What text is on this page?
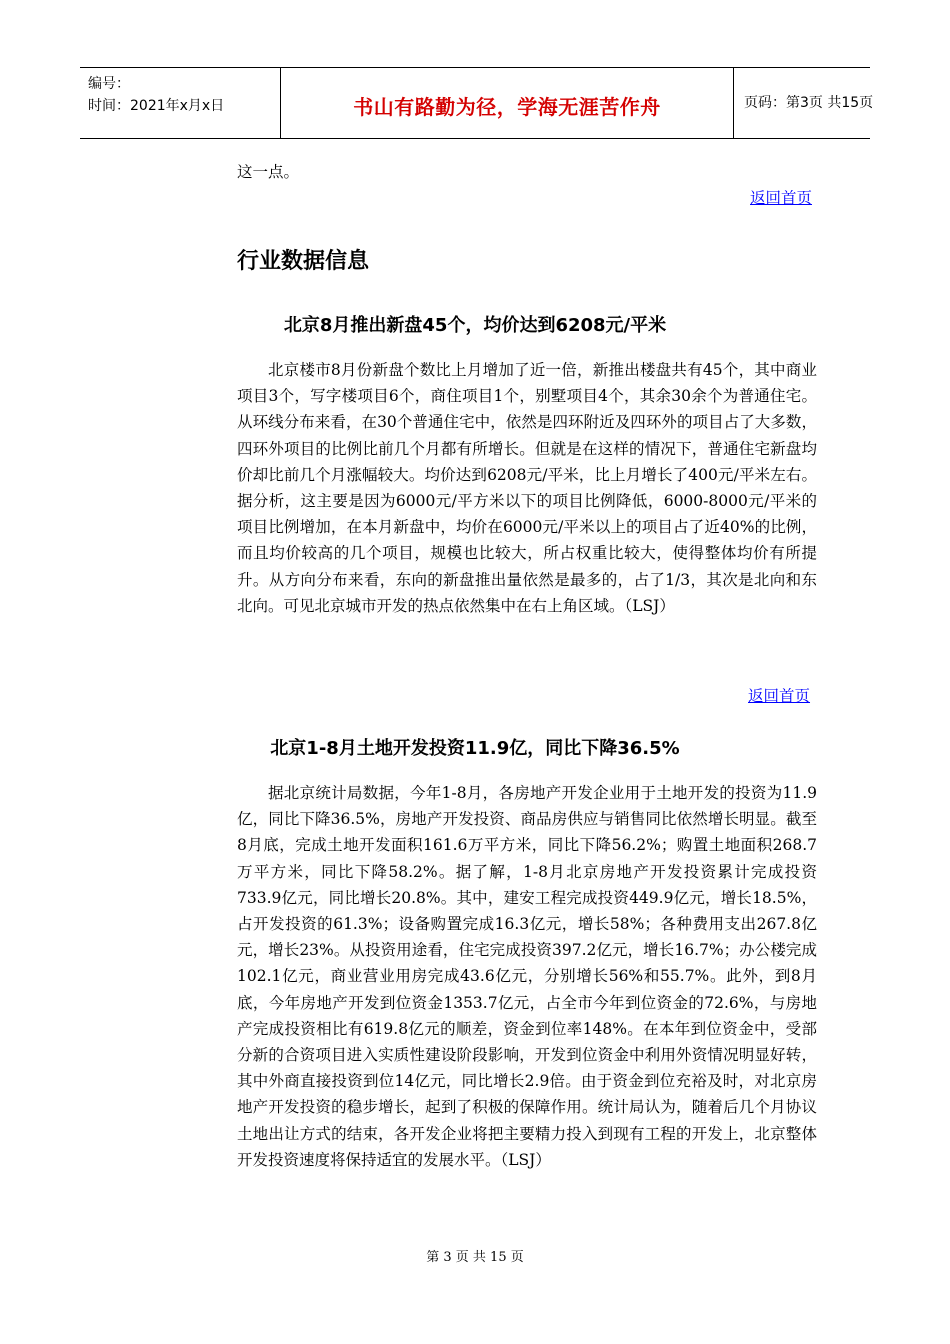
编号：
时间：2021年x月x日	书山有路勤为径，学海无涯苦作舟	页码：第3页 共15页
这一点。
返回首页
行业数据信息
北京8月推出新盘45个，均价达到6208元/平米
北京楼市8月份新盘个数比上月增加了近一倍，新推出楼盘共有45个，其中商业项目3个，写字楼项目6个，商住项目1个，别墅项目4个，其余30余个为普通住宅。从环线分布来看，在30个普通住宅中，依然是四环附近及四环外的项目占了大多数，四环外项目的比例比前几个月都有所增长。但就是在这样的情况下，普通住宅新盘均价却比前几个月涨幅较大。均价达到6208元/平米，比上月增长了400元/平米左右。据分析，这主要是因为6000元/平方米以下的项目比例降低，6000-8000元/平米的项目比例增加，在本月新盘中，均价在6000元/平米以上的项目占了近40%的比例，而且均价较高的几个项目，规模也比较大，所占权重比较大，使得整体均价有所提升。从方向分布来看，东向的新盘推出量依然是最多的，占了1/3，其次是北向和东北向。可见北京城市开发的热点依然集中在右上角区域。（LSJ）
返回首页
北京1-8月土地开发投资11.9亿，同比下降36.5%
据北京统计局数据，今年1-8月，各房地产开发企业用于土地开发的投资为11.9亿，同比下降36.5%，房地产开发投资、商品房供应与销售同比依然增长明显。截至8月底，完成土地开发面积161.6万平方米，同比下降56.2%；购置土地面积268.7万平方米，同比下降58.2%。据了解，1-8月北京房地产开发投资累计完成投资733.9亿元，同比增长20.8%。其中，建安工程完成投资449.9亿元，增长18.5%，占开发投资的61.3%；设备购置完成16.3亿元，增长58%；各种费用支出267.8亿元，增长23%。从投资用途看，住宅完成投资397.2亿元，增长16.7%；办公楼完成102.1亿元，商业营业用房完成43.6亿元，分别增长56%和55.7%。此外，到8月底，今年房地产开发到位资金1353.7亿元，占全市今年到位资金的72.6%，与房地产完成投资相比有619.8亿元的顺差，资金到位率148%。在本年到位资金中，受部分新的合资项目进入实质性建设阶段影响，开发到位资金中利用外资情况明显好转，其中外商直接投资到位14亿元，同比增长2.9倍。由于资金到位充裕及时，对北京房地产开发投资的稳步增长，起到了积极的保障作用。统计局认为，随着后几个月协议土地出让方式的结束，各开发企业将把主要精力投入到现有工程的开发上，北京整体开发投资速度将保持适宜的发展水平。（LSJ）
第 3 页 共 15 页
